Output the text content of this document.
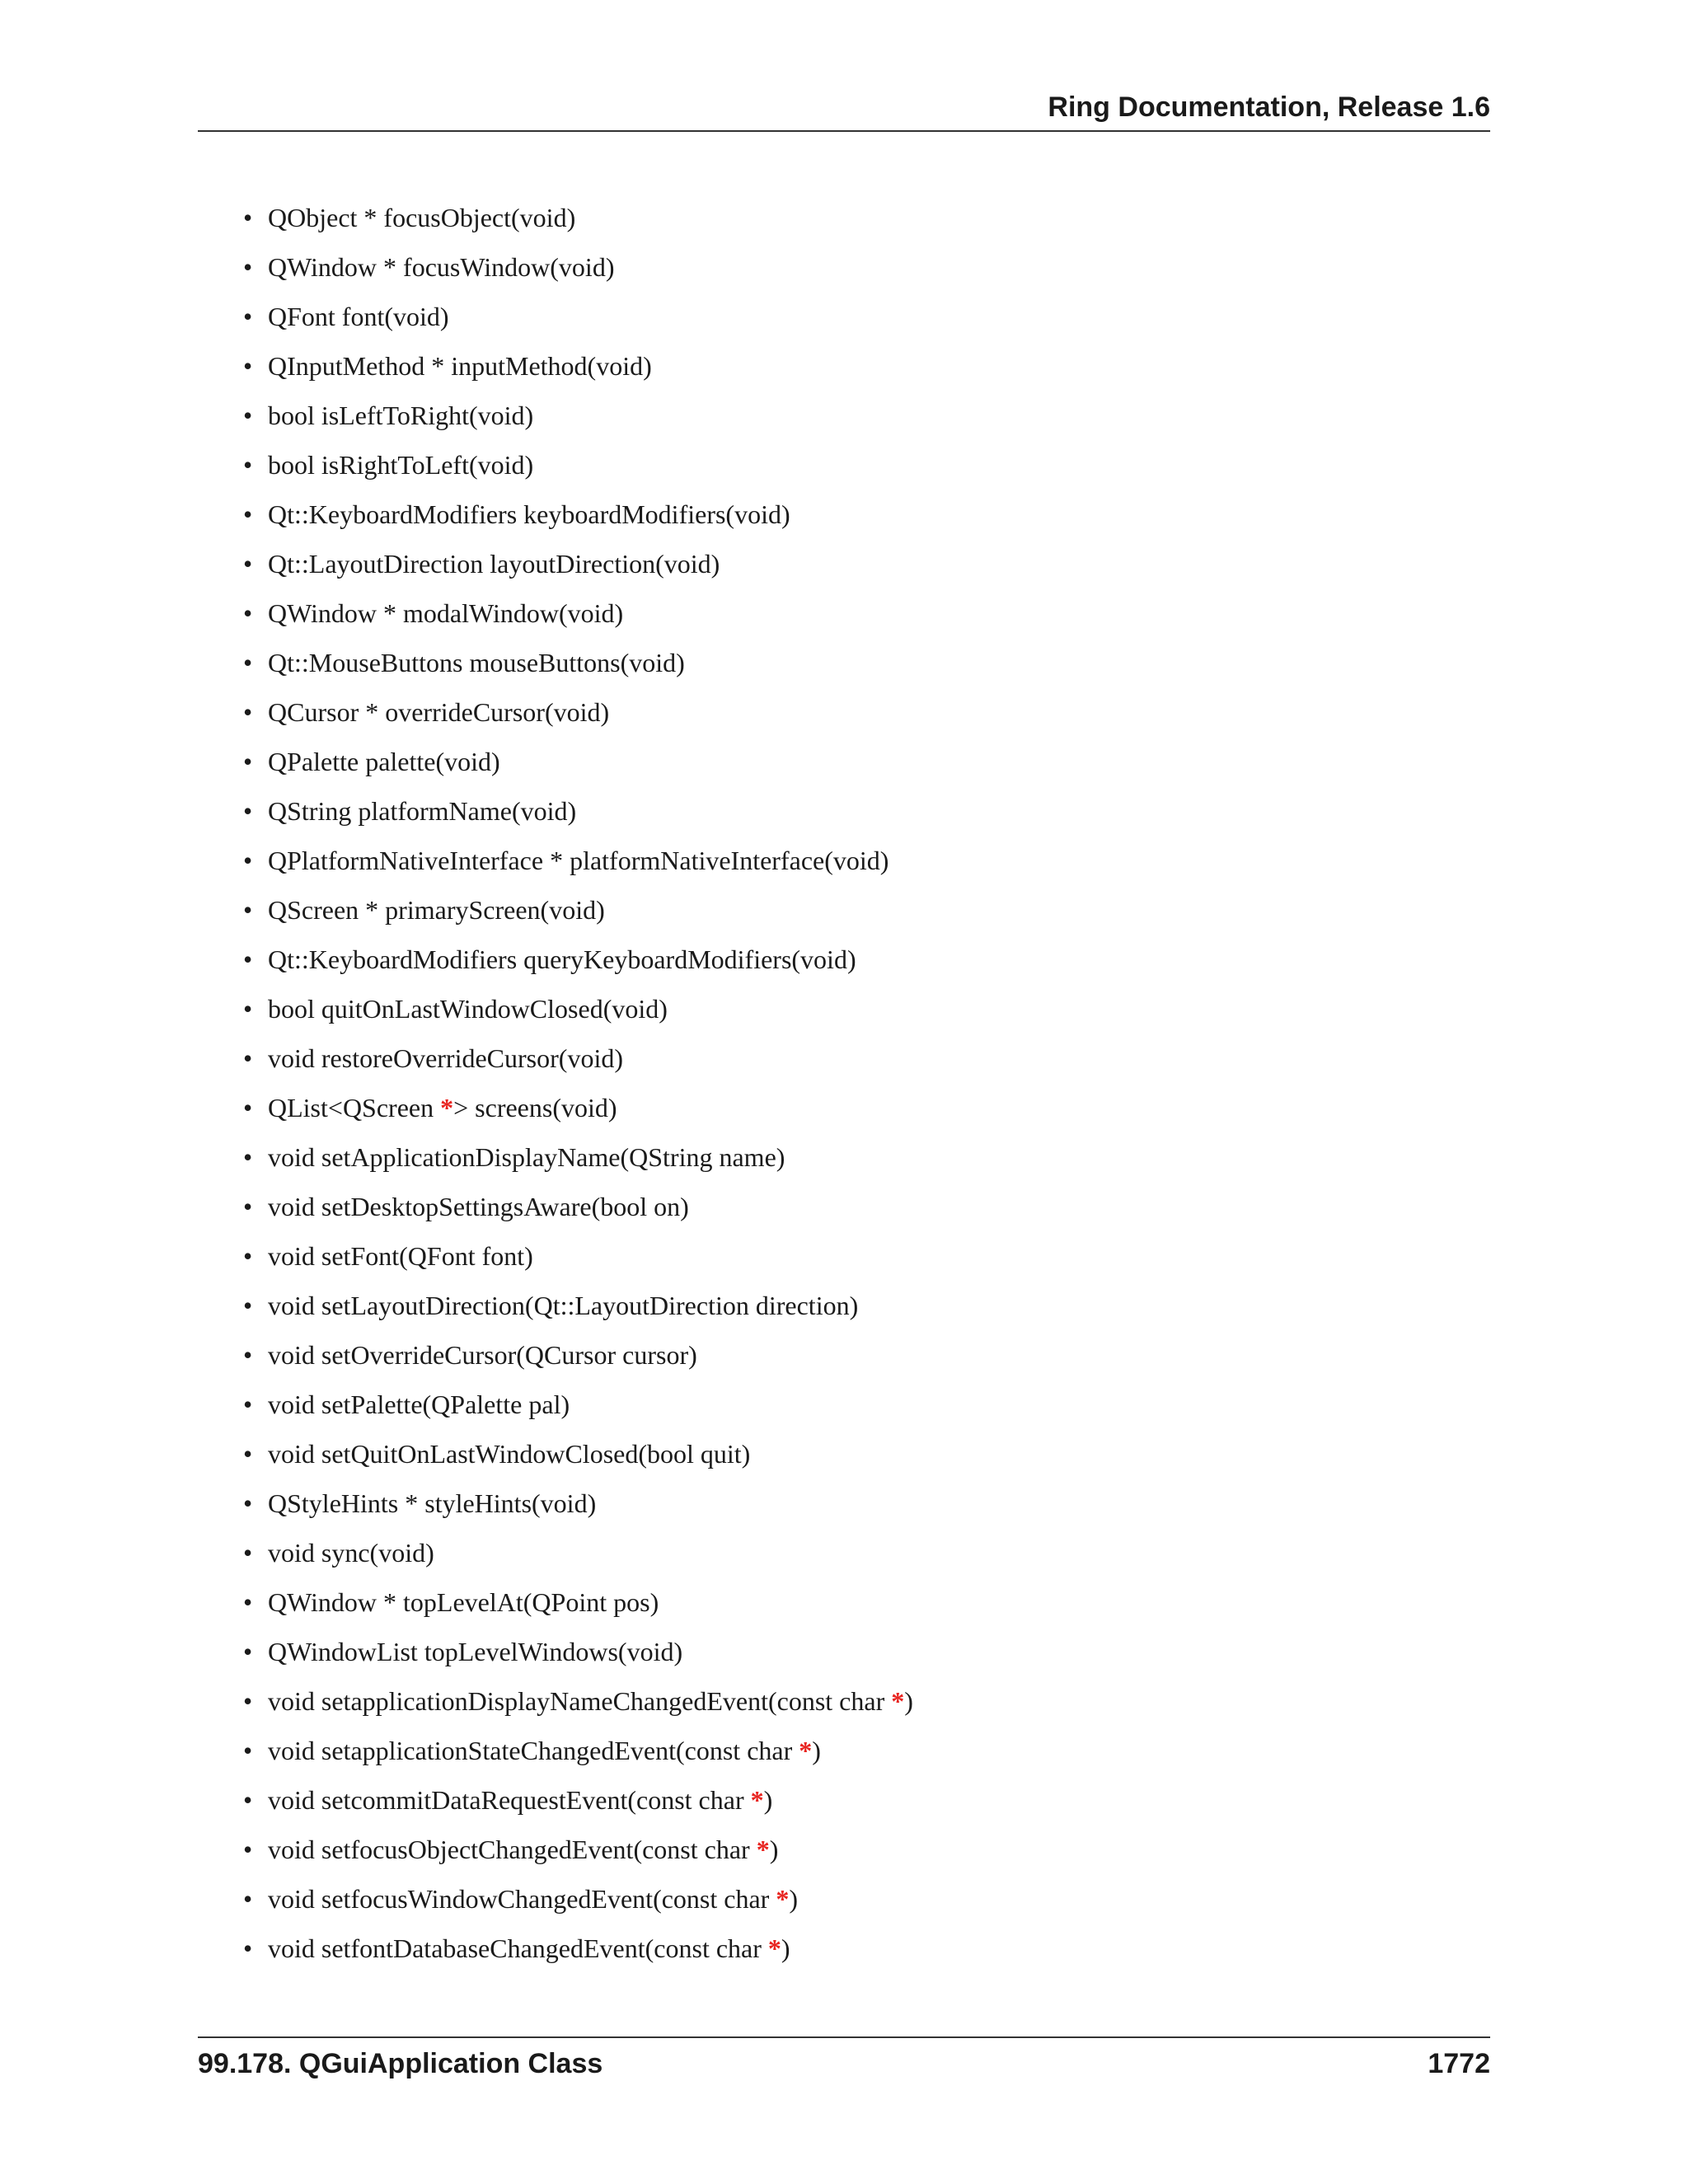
Ring Documentation, Release 1.6
• QObject * focusObject(void)
• QWindow * focusWindow(void)
• QFont font(void)
• QInputMethod * inputMethod(void)
• bool isLeftToRight(void)
• bool isRightToLeft(void)
• Qt::KeyboardModifiers keyboardModifiers(void)
• Qt::LayoutDirection layoutDirection(void)
• QWindow * modalWindow(void)
• Qt::MouseButtons mouseButtons(void)
• QCursor * overrideCursor(void)
• QPalette palette(void)
• QString platformName(void)
• QPlatformNativeInterface * platformNativeInterface(void)
• QScreen * primaryScreen(void)
• Qt::KeyboardModifiers queryKeyboardModifiers(void)
• bool quitOnLastWindowClosed(void)
• void restoreOverrideCursor(void)
• QList<QScreen *> screens(void)
• void setApplicationDisplayName(QString name)
• void setDesktopSettingsAware(bool on)
• void setFont(QFont font)
• void setLayoutDirection(Qt::LayoutDirection direction)
• void setOverrideCursor(QCursor cursor)
• void setPalette(QPalette pal)
• void setQuitOnLastWindowClosed(bool quit)
• QStyleHints * styleHints(void)
• void sync(void)
• QWindow * topLevelAt(QPoint pos)
• QWindowList topLevelWindows(void)
• void setapplicationDisplayNameChangedEvent(const char *)
• void setapplicationStateChangedEvent(const char *)
• void setcommitDataRequestEvent(const char *)
• void setfocusObjectChangedEvent(const char *)
• void setfocusWindowChangedEvent(const char *)
• void setfontDatabaseChangedEvent(const char *)
99.178. QGuiApplication Class	1772
